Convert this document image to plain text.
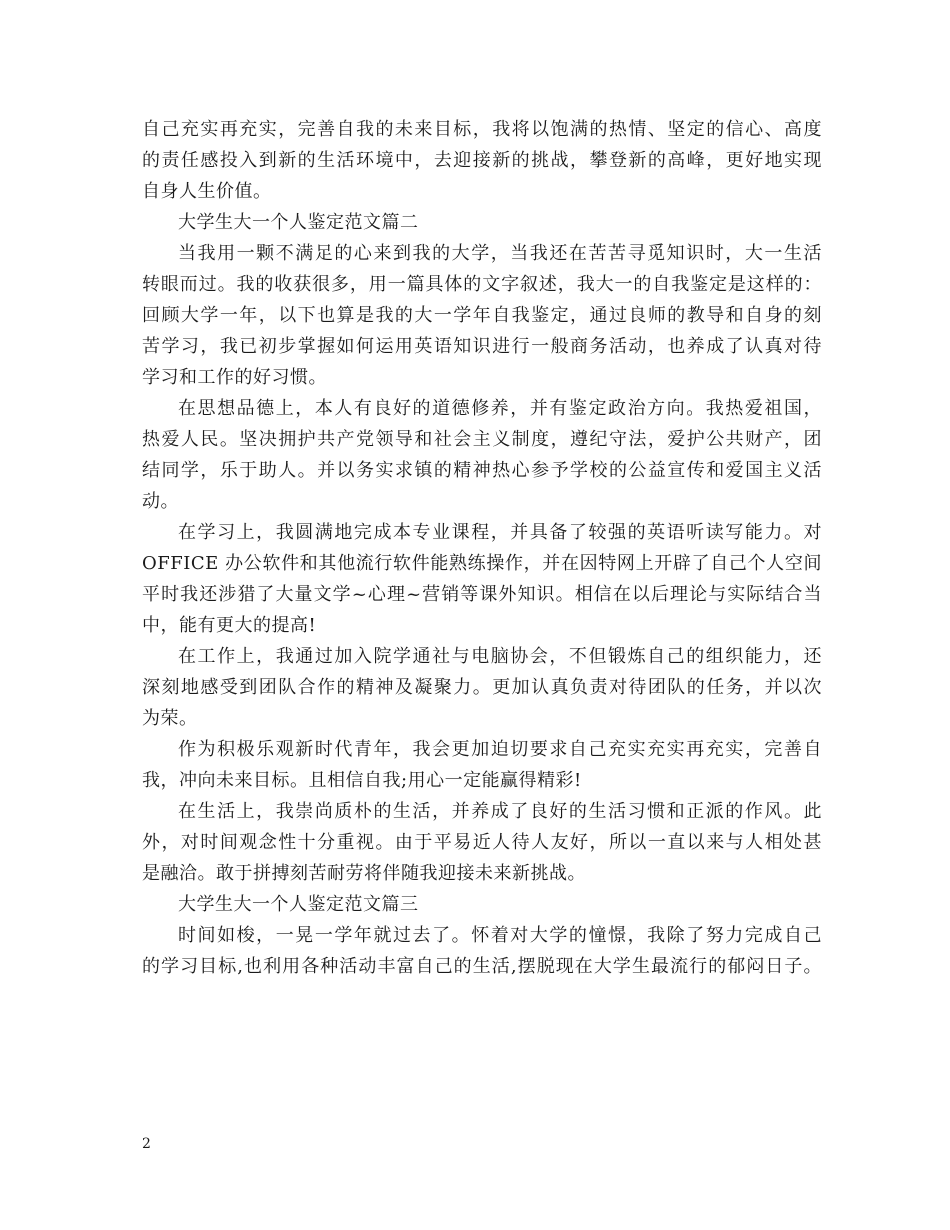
自己充实再充实，完善自我的未来目标，我将以饱满的热情、坚定的信心、高度
的责任感投入到新的生活环境中，去迎接新的挑战，攀登新的高峰，更好地实现
自身人生价值。
大学生大一个人鉴定范文篇二
当我用一颗不满足的心来到我的大学，当我还在苦苦寻觅知识时，大一生活
转眼而过。我的收获很多，用一篇具体的文字叙述，我大一的自我鉴定是这样的：
回顾大学一年，以下也算是我的大一学年自我鉴定，通过良师的教导和自身的刻
苦学习，我已初步掌握如何运用英语知识进行一般商务活动，也养成了认真对待
学习和工作的好习惯。
在思想品德上，本人有良好的道德修养，并有鉴定政治方向。我热爱祖国，
热爱人民。坚决拥护共产党领导和社会主义制度，遵纪守法，爱护公共财产，团
结同学，乐于助人。并以务实求镇的精神热心参予学校的公益宣传和爱国主义活
动。
在学习上，我圆满地完成本专业课程，并具备了较强的英语听读写能力。对
OFFICE 办公软件和其他流行软件能熟练操作，并在因特网上开辟了自己个人空间
平时我还涉猎了大量文学~心理~营销等课外知识。相信在以后理论与实际结合当
中，能有更大的提高!
在工作上，我通过加入院学通社与电脑协会，不但锻炼自己的组织能力，还
深刻地感受到团队合作的精神及凝聚力。更加认真负责对待团队的任务，并以次
为荣。
作为积极乐观新时代青年，我会更加迫切要求自己充实充实再充实，完善自
我，冲向未来目标。且相信自我;用心一定能赢得精彩!
在生活上，我崇尚质朴的生活，并养成了良好的生活习惯和正派的作风。此
外，对时间观念性十分重视。由于平易近人待人友好，所以一直以来与人相处甚
是融洽。敢于拼搏刻苦耐劳将伴随我迎接未来新挑战。
大学生大一个人鉴定范文篇三
时间如梭，一晃一学年就过去了。怀着对大学的憧憬，我除了努力完成自己
的学习目标,也利用各种活动丰富自己的生活,摆脱现在大学生最流行的郁闷日子。
2
